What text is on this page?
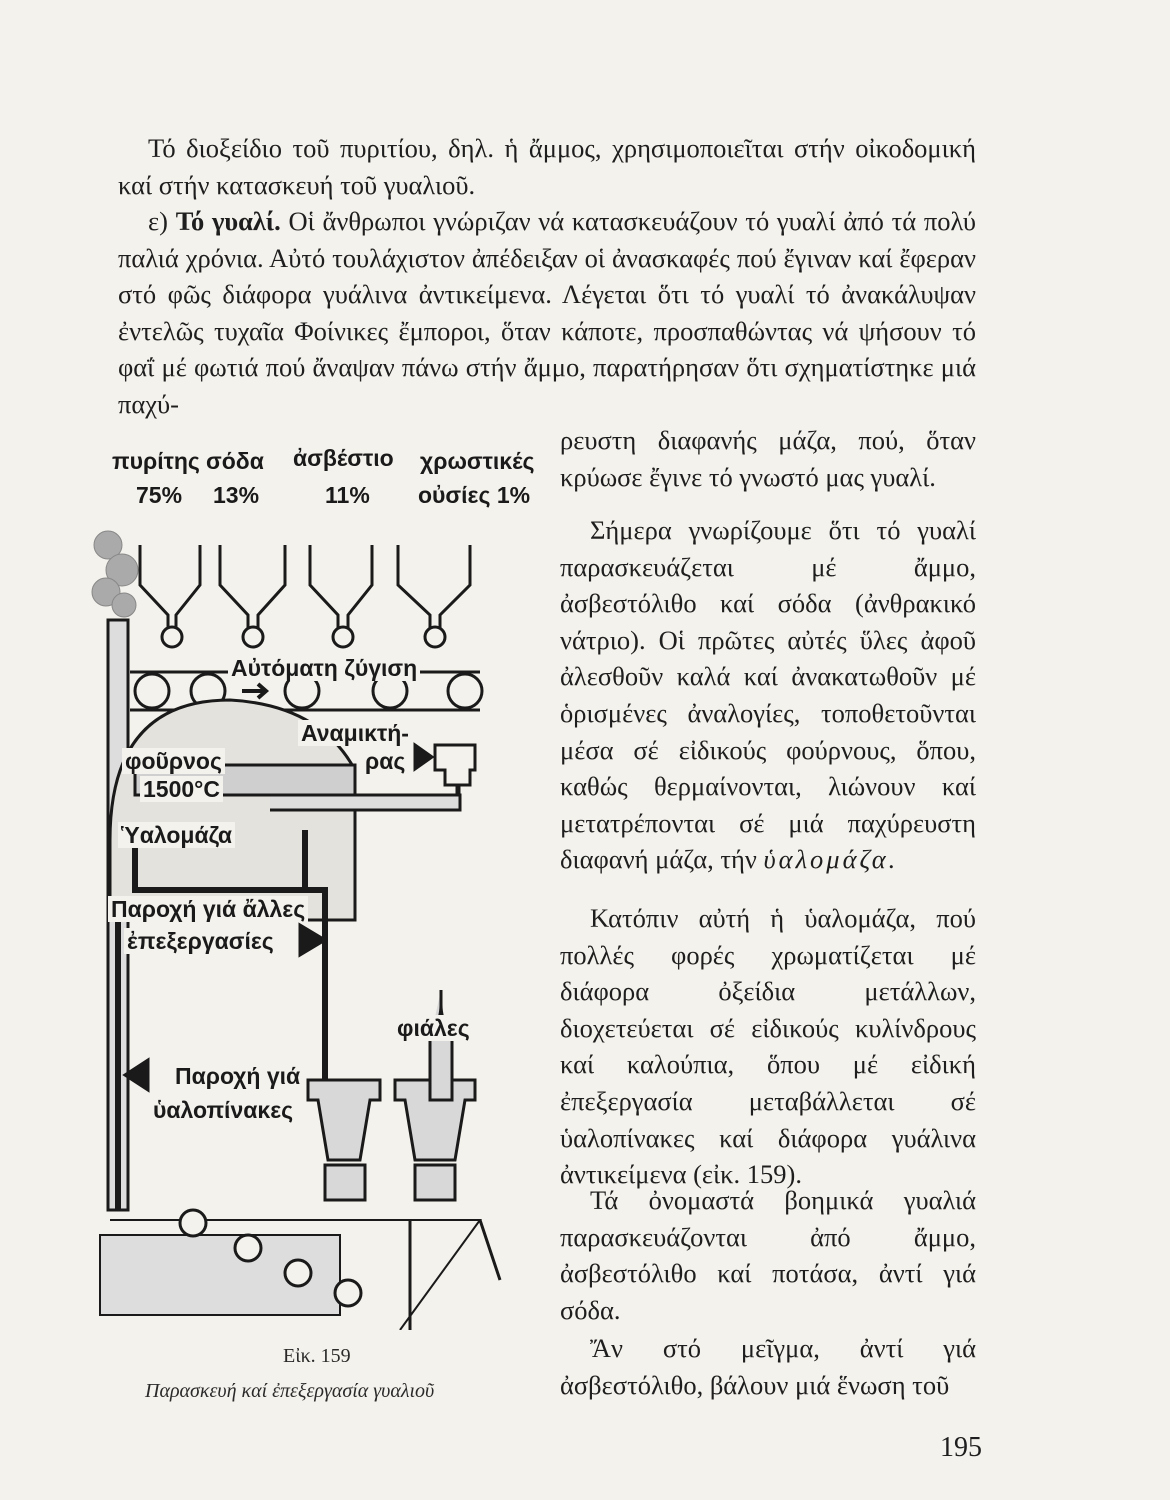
Τό διοξείδιο τοῦ πυριτίου, δηλ. ἡ ἄμμος, χρησιμοποιεῖται στήν οἰκοδομική καί στήν κατασκευή τοῦ γυαλιοῦ.

ε) Τό γυαλί. Οἱ ἄνθρωποι γνώριζαν νά κατασκευάζουν τό γυαλί ἀπό τά πολύ παλιά χρόνια. Αὐτό τουλάχιστον ἀπέδειξαν οἱ ἀνασκαφές πού ἔγιναν καί ἔφεραν στό φῶς διάφορα γυάλινα ἀντικείμενα. Λέγεται ὅτι τό γυαλί τό ἀνακάλυψαν ἐντελῶς τυχαῖα Φοίνικες ἔμποροι, ὅταν κάποτε, προσπαθώντας νά ψήσουν τό φαΐ μέ φωτιά πού ἄναψαν πάνω στήν ἄμμο, παρατήρησαν ὅτι σχηματίστηκε μιά παχύ-

ρευστη διαφανής μάζα, πού, ὅταν κρύωσε ἔγινε τό γνωστό μας γυαλί.

Σήμερα γνωρίζουμε ὅτι τό γυαλί παρασκευάζεται μέ ἄμμο, ἀσβεστόλιθο καί σόδα (ἀνθρακικό νάτριο). Οἱ πρῶτες αὐτές ὕλες ἀφοῦ ἀλεσθοῦν καλά καί ἀνακατωθοῦν μέ ὁρισμένες ἀναλογίες, τοποθετοῦνται μέσα σέ εἰδικούς φούρνους, ὅπου, καθώς θερμαίνονται, λιώνουν καί μετατρέπονται σέ μιά παχύρευστη διαφανή μάζα, τήν ὑαλομάζα.

Κατόπιν αὐτή ἡ ὑαλομάζα, πού πολλές φορές χρωματίζεται μέ διάφορα ὀξείδια μετάλλων, διοχετεύεται σέ εἰδικούς κυλίνδρους καί καλούπια, ὅπου μέ εἰδική ἐπεξεργασία μεταβάλλεται σέ ὑαλοπίνακες καί διάφορα γυάλινα ἀντικείμενα (εἰκ. 159).

Τά ὀνομαστά βοημικά γυαλιά παρασκευάζονται ἀπό ἄμμο, ἀσβεστόλιθο καί ποτάσα, ἀντί γιά σόδα.

Ἄν στό μεῖγμα, ἀντί γιά ἀσβεστόλιθο, βάλουν μιά ἕνωση τοῦ

πυρίτης
75%
σόδα
13%
ἀσβέστιο
11%
χρωστικές
οὐσίες 1%
Αὐτόματη ζύγιση
Αναμικτή-
ρας
φοῦρνος
1500°C
Ὑαλομάζα
Παροχή γιά ἄλλες
ἐπεξεργασίες
φιάλες
Παροχή γιά
ὑαλοπίνακες
Εἰκ. 159
Παρασκευή καί ἐπεξεργασία γυαλιοῦ
195
